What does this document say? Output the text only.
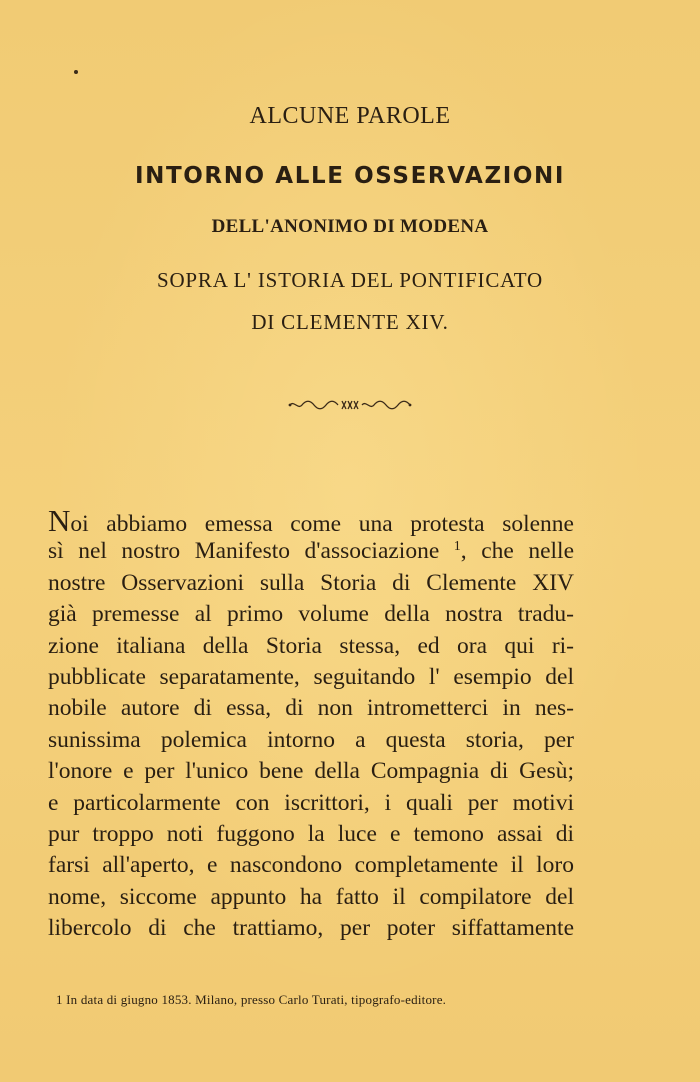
ALCUNE PAROLE
INTORNO ALLE OSSERVAZIONI
DELL'ANONIMO DI MODENA
SOPRA L' ISTORIA DEL PONTIFICATO
DI CLEMENTE XIV.
Noi abbiamo emessa come una protesta solenne
sì nel nostro Manifesto d'associazione $^1$, che nelle
nostre Osservazioni sulla Storia di Clemente XIV
già premesse al primo volume della nostra tradu-
zione italiana della Storia stessa, ed ora qui ri-
pubblicate separatamente, seguitando l' esempio del
nobile autore di essa, di non intrometterci in nes-
sunissima polemica intorno a questa storia, per
l'onore e per l'unico bene della Compagnia di Gesù;
e particolarmente con iscrittori, i quali per motivi
pur troppo noti fuggono la luce e temono assai di
farsi all'aperto, e nascondono completamente il loro
nome, siccome appunto ha fatto il compilatore del
libercolo di che trattiamo, per poter siffattamente
1 In data di giugno 1853. Milano, presso Carlo Turati, tipografo-editore.
